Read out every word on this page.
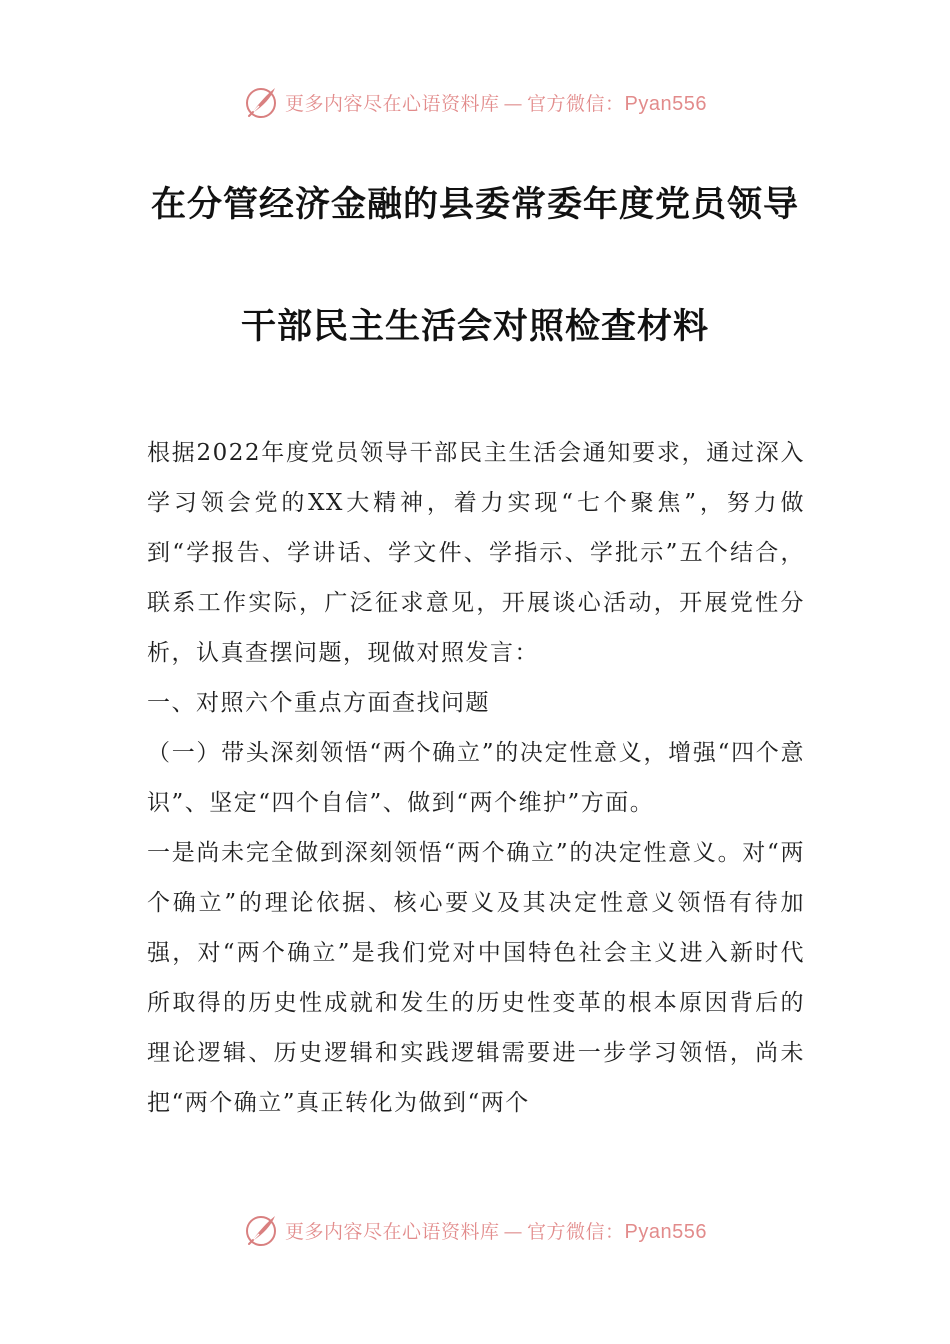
更多内容尽在心语资料库 — 官方微信：Pyan556
在分管经济金融的县委常委年度党员领导
干部民主生活会对照检查材料

根据2022年度党员领导干部民主生活会通知要求，通过深入学习领会党的XX大精神，着力实现“七个聚焦”，努力做到“学报告、学讲话、学文件、学指示、学批示”五个结合，联系工作实际，广泛征求意见，开展谈心活动，开展党性分析，认真查摆问题，现做对照发言：

一、对照六个重点方面查找问题

（一）带头深刻领悟“两个确立”的决定性意义，增强“四个意识”、坚定“四个自信”、做到“两个维护”方面。

一是尚未完全做到深刻领悟“两个确立”的决定性意义。对“两个确立”的理论依据、核心要义及其决定性意义领悟有待加强，对“两个确立”是我们党对中国特色社会主义进入新时代所取得的历史性成就和发生的历史性变革的根本原因背后的理论逻辑、历史逻辑和实践逻辑需要进一步学习领悟，尚未把“两个确立”真正转化为做到“两个

更多内容尽在心语资料库 — 官方微信：Pyan556
